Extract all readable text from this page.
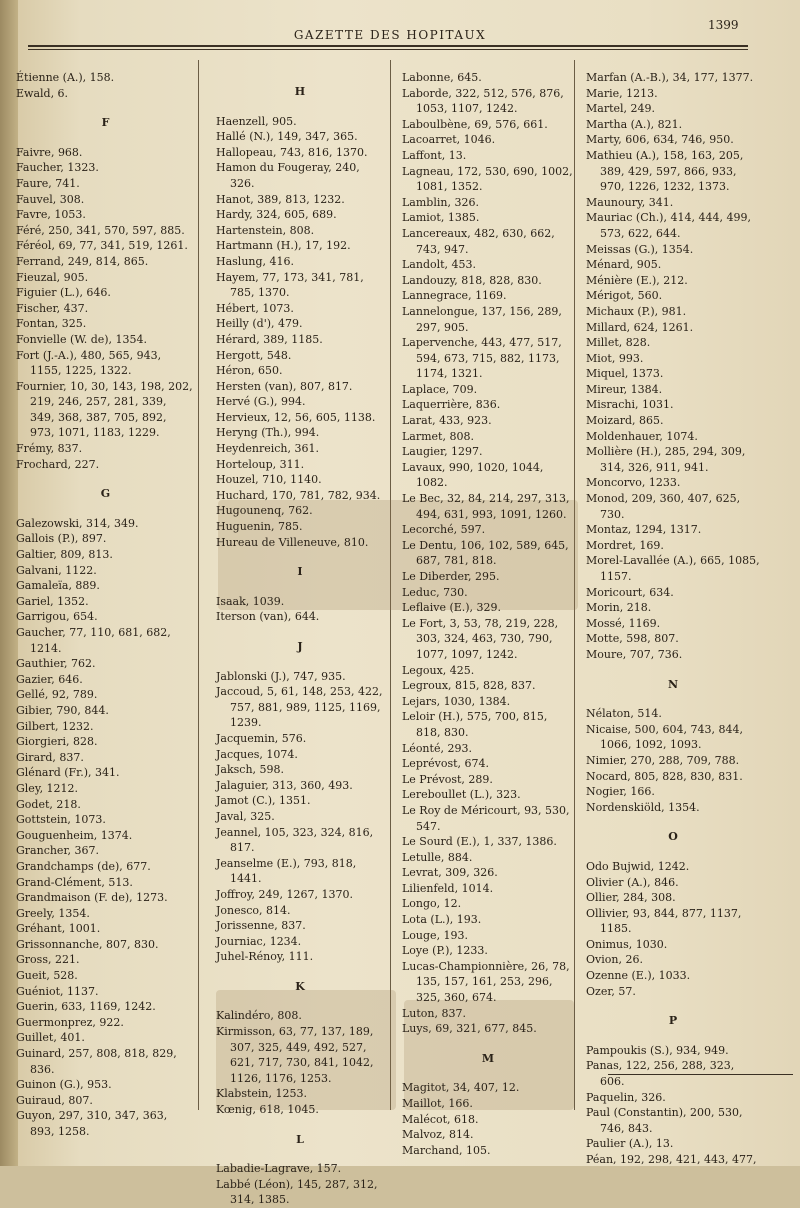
GAZETTE DES HOPITAUX
1399
Étienne (A.), 158.
Ewald, 6.
F
Faivre, 968.
Faucher, 1323.
Faure, 741.
Fauvel, 308.
Favre, 1053.
Féré, 250, 341, 570, 597, 885.
Féréol, 69, 77, 341, 519, 1261.
Ferrand, 249, 814, 865.
Fieuzal, 905.
Figuier (L.), 646.
Fischer, 437.
Fontan, 325.
Fonvielle (W. de), 1354.
Fort (J.-A.), 480, 565, 943, 1155, 1225, 1322.
Fournier, 10, 30, 143, 198, 202, 219, 246, 257, 281, 339, 349, 368, 387, 705, 892, 973, 1071, 1183, 1229.
Frémy, 837.
Frochard, 227.
G
Galezowski, 314, 349.
Gallois (P.), 897.
Galtier, 809, 813.
Galvani, 1122.
Gamaleïa, 889.
Gariel, 1352.
Garrigou, 654.
Gaucher, 77, 110, 681, 682, 1214.
Gauthier, 762.
Gazier, 646.
Gellé, 92, 789.
Gibier, 790, 844.
Gilbert, 1232.
Giorgieri, 828.
Girard, 837.
Glénard (Fr.), 341.
Gley, 1212.
Godet, 218.
Gottstein, 1073.
Gouguenheim, 1374.
Grancher, 367.
Grandchamps (de), 677.
Grand-Clément, 513.
Grandmaison (F. de), 1273.
Greely, 1354.
Gréhant, 1001.
Grissonnanche, 807, 830.
Gross, 221.
Gueit, 528.
Guéniot, 1137.
Guerin, 633, 1169, 1242.
Guermonprez, 922.
Guillet, 401.
Guinard, 257, 808, 818, 829, 836.
Guinon (G.), 953.
Guiraud, 807.
Guyon, 297, 310, 347, 363, 893, 1258.
H
Haenzell, 905.
Hallé (N.), 149, 347, 365.
Hallopeau, 743, 816, 1370.
Hamon du Fougeray, 240, 326.
Hanot, 389, 813, 1232.
Hardy, 324, 605, 689.
Hartenstein, 808.
Hartmann (H.), 17, 192.
Haslung, 416.
Hayem, 77, 173, 341, 781, 785, 1370.
Hébert, 1073.
Heilly (d'), 479.
Hérard, 389, 1185.
Hergott, 548.
Héron, 650.
Hersten (van), 807, 817.
Hervé (G.), 994.
Hervieux, 12, 56, 605, 1138.
Heryng (Th.), 994.
Heydenreich, 361.
Horteloup, 311.
Houzel, 710, 1140.
Huchard, 170, 781, 782, 934.
Hugounenq, 762.
Huguenin, 785.
Hureau de Villeneuve, 810.
I
Isaak, 1039.
Iterson (van), 644.
J
Jablonski (J.), 747, 935.
Jaccoud, 5, 61, 148, 253, 422, 757, 881, 989, 1125, 1169, 1239.
Jacquemin, 576.
Jacques, 1074.
Jaksch, 598.
Jalaguier, 313, 360, 493.
Jamot (C.), 1351.
Javal, 325.
Jeannel, 105, 323, 324, 816, 817.
Jeanselme (E.), 793, 818, 1441.
Joffroy, 249, 1267, 1370.
Jonesco, 814.
Jorissenne, 837.
Journiac, 1234.
Juhel-Rénoy, 111.
K
Kalindéro, 808.
Kirmisson, 63, 77, 137, 189, 307, 325, 449, 492, 527, 621, 717, 730, 841, 1042, 1126, 1176, 1253.
Klabstein, 1253.
Kœnig, 618, 1045.
L
Labadie-Lagrave, 157.
Labbé (Léon), 145, 287, 312, 314, 1385.
Labonne, 645.
Laborde, 322, 512, 576, 876, 1053, 1107, 1242.
Laboulbène, 69, 576, 661.
Lacoarret, 1046.
Laffont, 13.
Lagneau, 172, 530, 690, 1002, 1081, 1352.
Lamblin, 326.
Lamiot, 1385.
Lancereaux, 482, 630, 662, 743, 947.
Landolt, 453.
Landouzy, 818, 828, 830.
Lannegrace, 1169.
Lannelongue, 137, 156, 289, 297, 905.
Lapervenche, 443, 477, 517, 594, 673, 715, 882, 1173, 1174, 1321.
Laplace, 709.
Laquerrière, 836.
Larat, 433, 923.
Larmet, 808.
Laugier, 1297.
Lavaux, 990, 1020, 1044, 1082.
Le Bec, 32, 84, 214, 297, 313, 494, 631, 993, 1091, 1260.
Lecorché, 597.
Le Dentu, 106, 102, 589, 645, 687, 781, 818.
Le Diberder, 295.
Leduc, 730.
Leflaive (E.), 329.
Le Fort, 3, 53, 78, 219, 228, 303, 324, 463, 730, 790, 1077, 1097, 1242.
Legoux, 425.
Legroux, 815, 828, 837.
Lejars, 1030, 1384.
Leloir (H.), 575, 700, 815, 818, 830.
Léonté, 293.
Leprévost, 674.
Le Prévost, 289.
Lereboullet (L.), 323.
Le Roy de Méricourt, 93, 530, 547.
Le Sourd (E.), 1, 337, 1386.
Letulle, 884.
Levrat, 309, 326.
Lilienfeld, 1014.
Longo, 12.
Lota (L.), 193.
Louge, 193.
Loye (P.), 1233.
Lucas-Championnière, 26, 78, 135, 157, 161, 253, 296, 325, 360, 674.
Luton, 837.
Luys, 69, 321, 677, 845.
M
Magitot, 34, 407, 12.
Maillot, 166.
Malécot, 618.
Malvoz, 814.
Marchand, 105.
Marfan (A.-B.), 34, 177, 1377.
Marie, 1213.
Martel, 249.
Martha (A.), 821.
Marty, 606, 634, 746, 950.
Mathieu (A.), 158, 163, 205, 389, 429, 597, 866, 933, 970, 1226, 1232, 1373.
Maunoury, 341.
Mauriac (Ch.), 414, 444, 499, 573, 622, 644.
Meissas (G.), 1354.
Ménard, 905.
Ménière (E.), 212.
Mérigot, 560.
Michaux (P.), 981.
Millard, 624, 1261.
Millet, 828.
Miot, 993.
Miquel, 1373.
Mireur, 1384.
Misrachi, 1031.
Moizard, 865.
Moldenhauer, 1074.
Mollière (H.), 285, 294, 309, 314, 326, 911, 941.
Moncorvo, 1233.
Monod, 209, 360, 407, 625, 730.
Montaz, 1294, 1317.
Mordret, 169.
Morel-Lavallée (A.), 665, 1085, 1157.
Moricourt, 634.
Morin, 218.
Mossé, 1169.
Motte, 598, 807.
Moure, 707, 736.
N
Nélaton, 514.
Nicaise, 500, 604, 743, 844, 1066, 1092, 1093.
Nimier, 270, 288, 709, 788.
Nocard, 805, 828, 830, 831.
Nogier, 166.
Nordenskiöld, 1354.
O
Odo Bujwid, 1242.
Olivier (A.), 846.
Ollier, 284, 308.
Ollivier, 93, 844, 877, 1137, 1185.
Onimus, 1030.
Ovion, 26.
Ozenne (E.), 1033.
Ozer, 57.
P
Pampoukis (S.), 934, 949.
Panas, 122, 256, 288, 323, 606.
Paquelin, 326.
Paul (Constantin), 200, 530, 746, 843.
Paulier (A.), 13.
Péan, 192, 298, 421, 443, 477,
